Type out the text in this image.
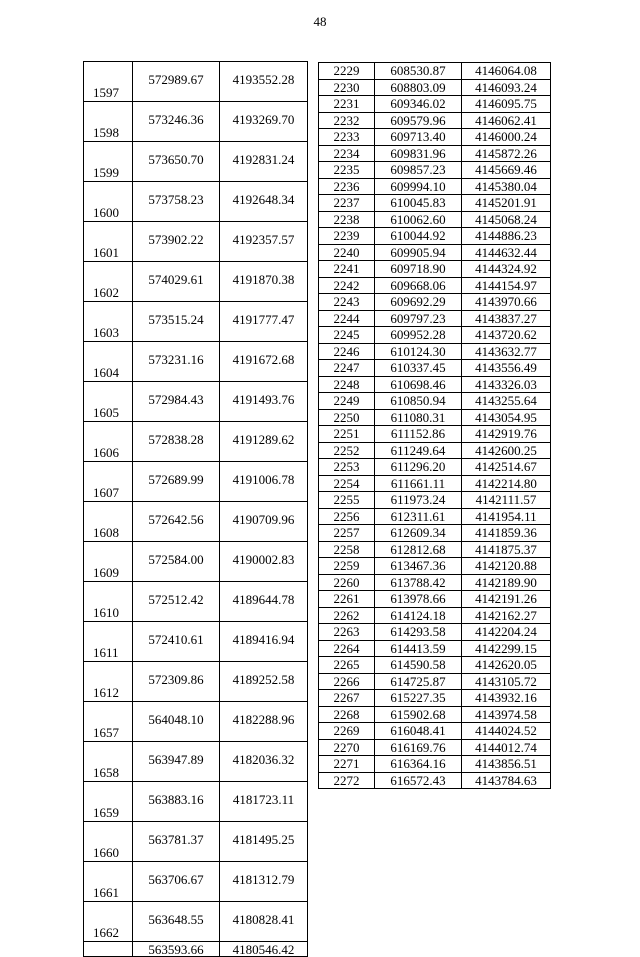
48
1597	572989.67	4193552.28
1598	573246.36	4193269.70
1599	573650.70	4192831.24
1600	573758.23	4192648.34
1601	573902.22	4192357.57
1602	574029.61	4191870.38
1603	573515.24	4191777.47
1604	573231.16	4191672.68
1605	572984.43	4191493.76
1606	572838.28	4191289.62
1607	572689.99	4191006.78
1608	572642.56	4190709.96
1609	572584.00	4190002.83
1610	572512.42	4189644.78
1611	572410.61	4189416.94
1612	572309.86	4189252.58
1657	564048.10	4182288.96
1658	563947.89	4182036.32
1659	563883.16	4181723.11
1660	563781.37	4181495.25
1661	563706.67	4181312.79
1662	563648.55	4180828.41
	563593.66	4180546.42
2229	608530.87	4146064.08
2230	608803.09	4146093.24
2231	609346.02	4146095.75
2232	609579.96	4146062.41
2233	609713.40	4146000.24
2234	609831.96	4145872.26
2235	609857.23	4145669.46
2236	609994.10	4145380.04
2237	610045.83	4145201.91
2238	610062.60	4145068.24
2239	610044.92	4144886.23
2240	609905.94	4144632.44
2241	609718.90	4144324.92
2242	609668.06	4144154.97
2243	609692.29	4143970.66
2244	609797.23	4143837.27
2245	609952.28	4143720.62
2246	610124.30	4143632.77
2247	610337.45	4143556.49
2248	610698.46	4143326.03
2249	610850.94	4143255.64
2250	611080.31	4143054.95
2251	611152.86	4142919.76
2252	611249.64	4142600.25
2253	611296.20	4142514.67
2254	611661.11	4142214.80
2255	611973.24	4142111.57
2256	612311.61	4141954.11
2257	612609.34	4141859.36
2258	612812.68	4141875.37
2259	613467.36	4142120.88
2260	613788.42	4142189.90
2261	613978.66	4142191.26
2262	614124.18	4142162.27
2263	614293.58	4142204.24
2264	614413.59	4142299.15
2265	614590.58	4142620.05
2266	614725.87	4143105.72
2267	615227.35	4143932.16
2268	615902.68	4143974.58
2269	616048.41	4144024.52
2270	616169.76	4144012.74
2271	616364.16	4143856.51
2272	616572.43	4143784.63
